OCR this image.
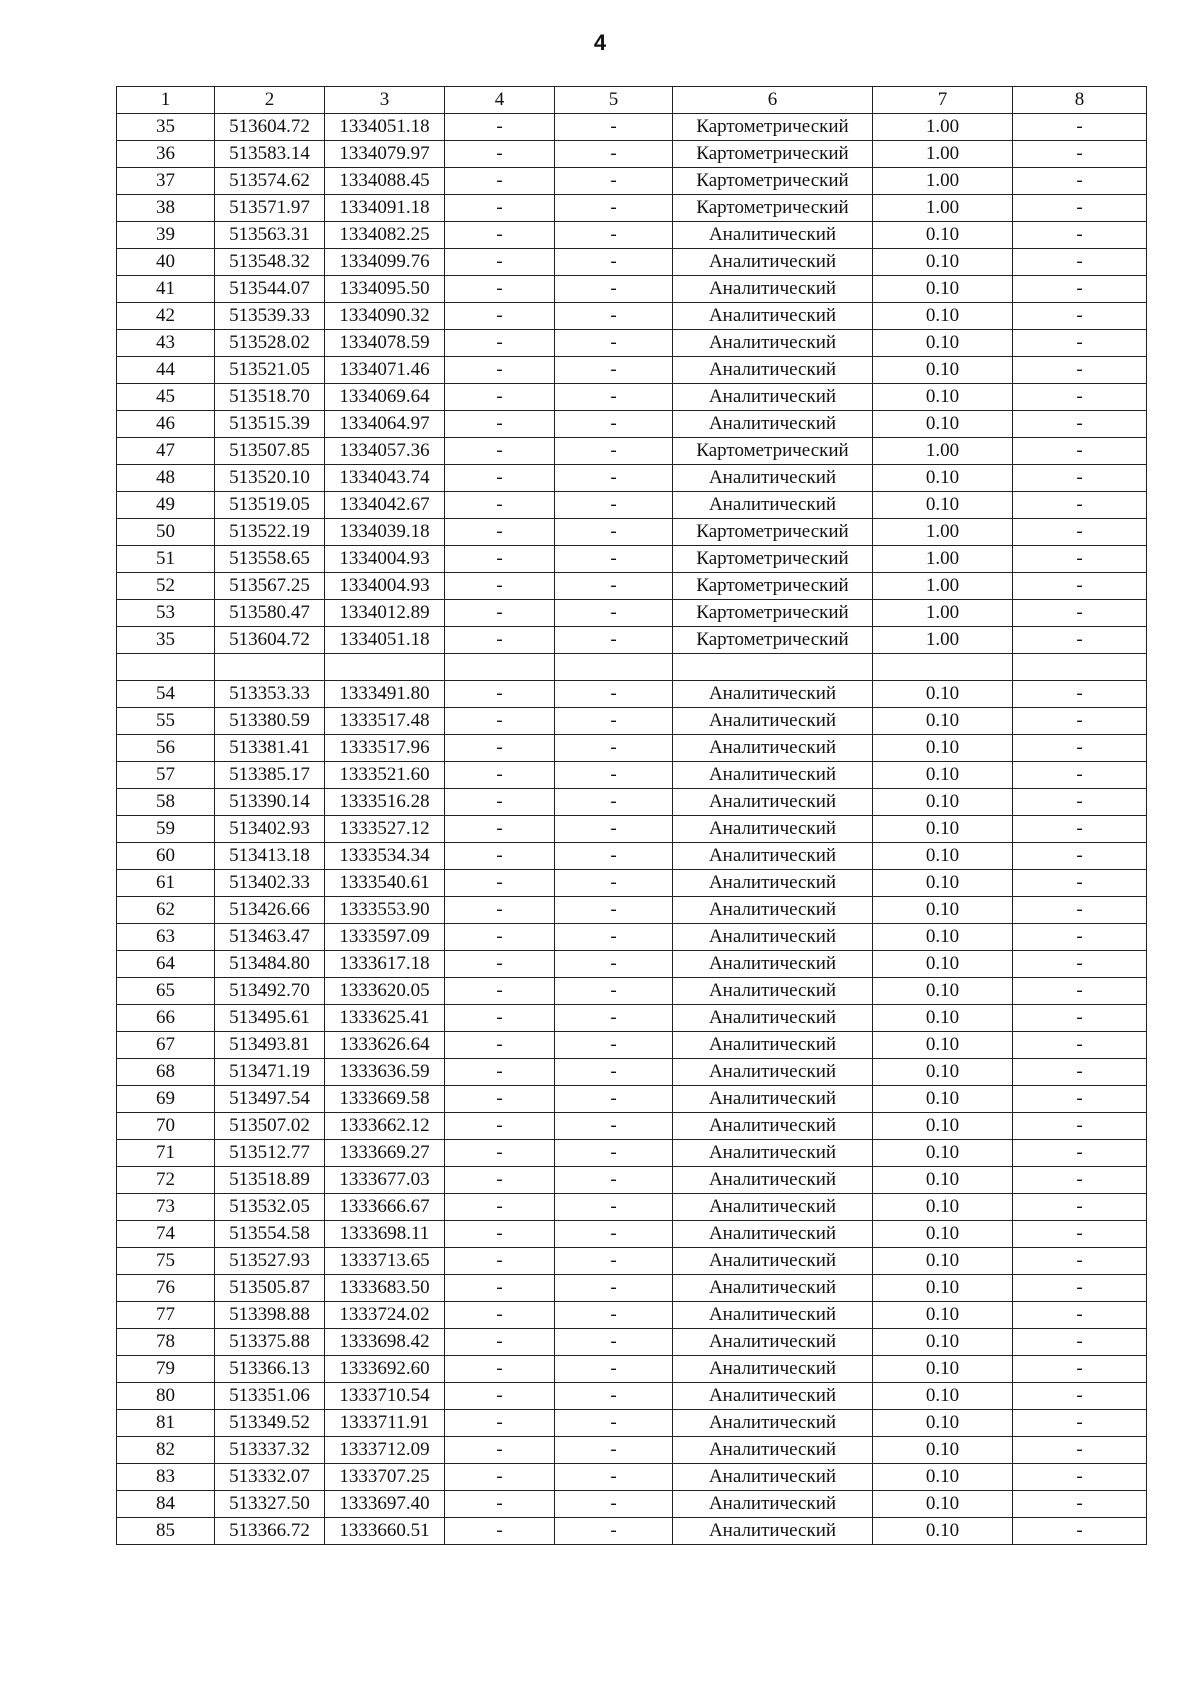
4
1	2	3	4	5	6	7	8
35	513604.72	1334051.18	-	-	Картометрический	1.00	-
36	513583.14	1334079.97	-	-	Картометрический	1.00	-
37	513574.62	1334088.45	-	-	Картометрический	1.00	-
38	513571.97	1334091.18	-	-	Картометрический	1.00	-
39	513563.31	1334082.25	-	-	Аналитический	0.10	-
40	513548.32	1334099.76	-	-	Аналитический	0.10	-
41	513544.07	1334095.50	-	-	Аналитический	0.10	-
42	513539.33	1334090.32	-	-	Аналитический	0.10	-
43	513528.02	1334078.59	-	-	Аналитический	0.10	-
44	513521.05	1334071.46	-	-	Аналитический	0.10	-
45	513518.70	1334069.64	-	-	Аналитический	0.10	-
46	513515.39	1334064.97	-	-	Аналитический	0.10	-
47	513507.85	1334057.36	-	-	Картометрический	1.00	-
48	513520.10	1334043.74	-	-	Аналитический	0.10	-
49	513519.05	1334042.67	-	-	Аналитический	0.10	-
50	513522.19	1334039.18	-	-	Картометрический	1.00	-
51	513558.65	1334004.93	-	-	Картометрический	1.00	-
52	513567.25	1334004.93	-	-	Картометрический	1.00	-
53	513580.47	1334012.89	-	-	Картометрический	1.00	-
35	513604.72	1334051.18	-	-	Картометрический	1.00	-

54	513353.33	1333491.80	-	-	Аналитический	0.10	-
55	513380.59	1333517.48	-	-	Аналитический	0.10	-
56	513381.41	1333517.96	-	-	Аналитический	0.10	-
57	513385.17	1333521.60	-	-	Аналитический	0.10	-
58	513390.14	1333516.28	-	-	Аналитический	0.10	-
59	513402.93	1333527.12	-	-	Аналитический	0.10	-
60	513413.18	1333534.34	-	-	Аналитический	0.10	-
61	513402.33	1333540.61	-	-	Аналитический	0.10	-
62	513426.66	1333553.90	-	-	Аналитический	0.10	-
63	513463.47	1333597.09	-	-	Аналитический	0.10	-
64	513484.80	1333617.18	-	-	Аналитический	0.10	-
65	513492.70	1333620.05	-	-	Аналитический	0.10	-
66	513495.61	1333625.41	-	-	Аналитический	0.10	-
67	513493.81	1333626.64	-	-	Аналитический	0.10	-
68	513471.19	1333636.59	-	-	Аналитический	0.10	-
69	513497.54	1333669.58	-	-	Аналитический	0.10	-
70	513507.02	1333662.12	-	-	Аналитический	0.10	-
71	513512.77	1333669.27	-	-	Аналитический	0.10	-
72	513518.89	1333677.03	-	-	Аналитический	0.10	-
73	513532.05	1333666.67	-	-	Аналитический	0.10	-
74	513554.58	1333698.11	-	-	Аналитический	0.10	-
75	513527.93	1333713.65	-	-	Аналитический	0.10	-
76	513505.87	1333683.50	-	-	Аналитический	0.10	-
77	513398.88	1333724.02	-	-	Аналитический	0.10	-
78	513375.88	1333698.42	-	-	Аналитический	0.10	-
79	513366.13	1333692.60	-	-	Аналитический	0.10	-
80	513351.06	1333710.54	-	-	Аналитический	0.10	-
81	513349.52	1333711.91	-	-	Аналитический	0.10	-
82	513337.32	1333712.09	-	-	Аналитический	0.10	-
83	513332.07	1333707.25	-	-	Аналитический	0.10	-
84	513327.50	1333697.40	-	-	Аналитический	0.10	-
85	513366.72	1333660.51	-	-	Аналитический	0.10	-
